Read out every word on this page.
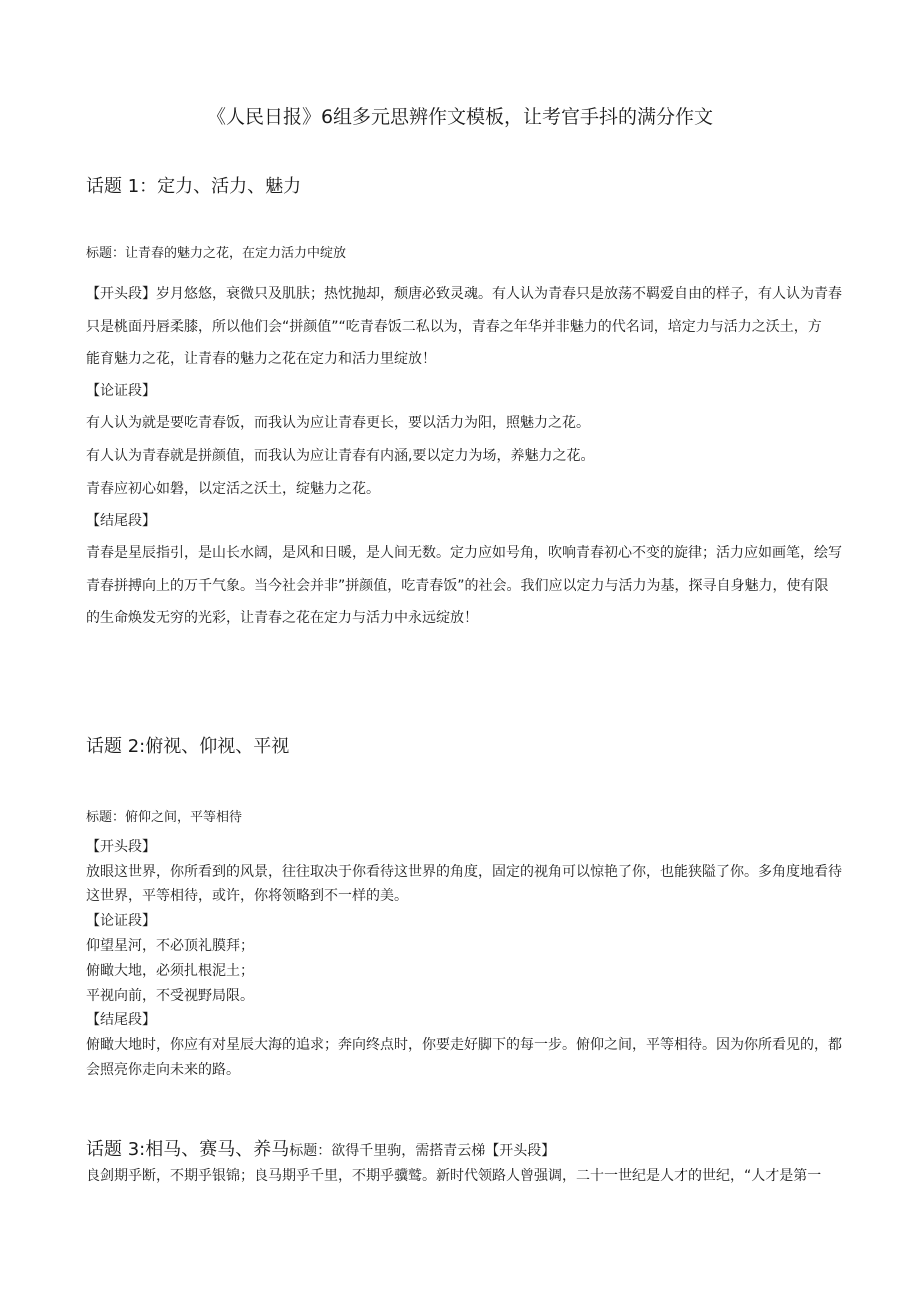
《人民日报》6组多元思辨作文模板，让考官手抖的满分作文
话题 1：定力、活力、魅力
标题：让青春的魅力之花，在定力活力中绽放
【开头段】岁月悠悠，衰微只及肌肤；热忱抛却，颓唐必致灵魂。有人认为青春只是放荡不羁爱自由的样子，有人认为青春
只是桃面丹唇柔膝，所以他们会“拼颜值”“吃青春饭二私以为，青春之年华并非魅力的代名词，培定力与活力之沃土，方
能育魅力之花，让青春的魅力之花在定力和活力里绽放！
【论证段】
有人认为就是要吃青春饭，而我认为应让青春更长，要以活力为阳，照魅力之花。
有人认为青春就是拼颜值，而我认为应让青春有内涵,要以定力为场，养魅力之花。
青春应初心如磐，以定活之沃土，绽魅力之花。
【结尾段】
青春是星辰指引，是山长水阔，是风和日暖，是人间无数。定力应如号角，吹响青春初心不变的旋律；活力应如画笔，绘写
青春拼搏向上的万千气象。当今社会并非”拼颜值，吃青春饭”的社会。我们应以定力与活力为基，探寻自身魅力，使有限
的生命焕发无穷的光彩，让青春之花在定力与活力中永远绽放！
话题 2:俯视、仰视、平视
标题：俯仰之间，平等相待
【开头段】
放眼这世界，你所看到的风景，往往取决于你看待这世界的角度，固定的视角可以惊艳了你，也能狭隘了你。多角度地看待
这世界，平等相待，或许，你将领略到不一样的美。
【论证段】
仰望星河，不必顶礼膜拜；
俯瞰大地，必须扎根泥土；
平视向前，不受视野局限。
【结尾段】
俯瞰大地时，你应有对星辰大海的追求；奔向终点时，你要走好脚下的每一步。俯仰之间，平等相待。因为你所看见的，都
会照亮你走向未来的路。
话题 3:相马、赛马、养马标题：欲得千里驹，需搭青云梯【开头段】
良剑期乎断，不期乎银锦；良马期乎千里，不期乎骥鹫。新时代领路人曾强调，二十一世纪是人才的世纪，“人才是第一
